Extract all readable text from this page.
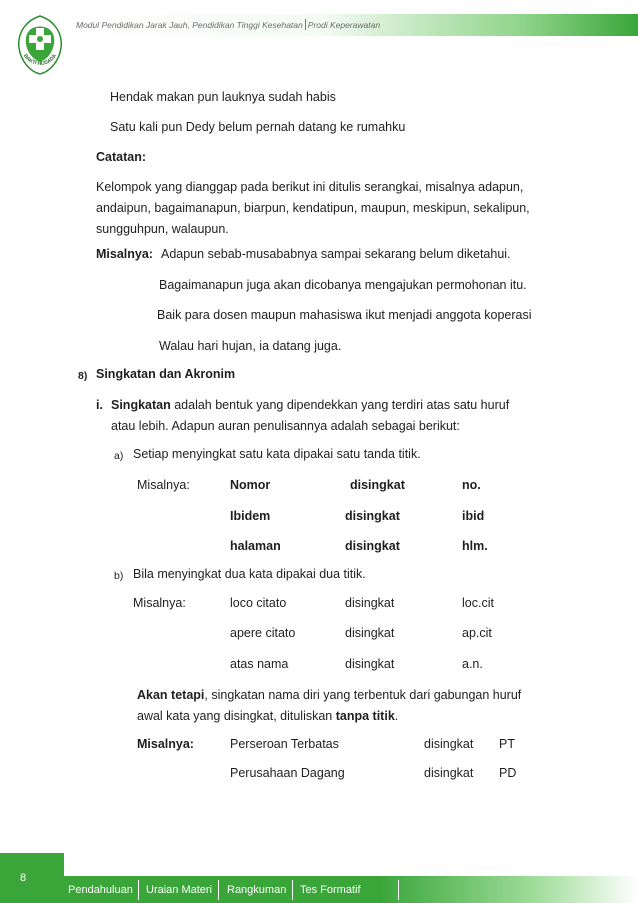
Modul Pendidikan Jarak Jauh, Pendidikan Tinggi Kesehatan Prodi Keperawatan
BAKTI HUSADA
Hendak makan pun lauknya sudah habis
Satu kali pun Dedy belum pernah datang ke rumahku
Catatan:
Kelompok yang dianggap pada berikut ini ditulis serangkai, misalnya adapun,
andaipun, bagaimanapun, biarpun, kendatipun, maupun, meskipun, sekalipun,
sungguhpun, walaupun.
Misalnya: Adapun sebab-musababnya sampai sekarang belum diketahui.
Bagaimanapun juga akan dicobanya mengajukan permohonan itu.
Baik para dosen maupun mahasiswa ikut menjadi anggota koperasi
Walau hari hujan, ia datang juga.
8) Singkatan dan Akronim
i. Singkatan adalah bentuk yang dipendekkan yang terdiri atas satu huruf
atau lebih. Adapun auran penulisannya adalah sebagai berikut:
a) Setiap menyingkat satu kata dipakai satu tanda titik.
Misalnya:	Nomor	disingkat	no.
Ibidem	disingkat	ibid
halaman	disingkat	hlm.
b) Bila menyingkat dua kata dipakai dua titik.
Misalnya:	loco citato	disingkat	loc.cit
apere citato	disingkat	ap.cit
atas nama	disingkat	a.n.
Akan tetapi, singkatan nama diri yang terbentuk dari gabungan huruf
awal kata yang disingkat, dituliskan tanpa titik.
Misalnya:	Perseroan Terbatas	disingkat PT
Perusahaan Dagang	disingkat PD
8
Pendahuluan Uraian Materi Rangkuman Tes Formatif
